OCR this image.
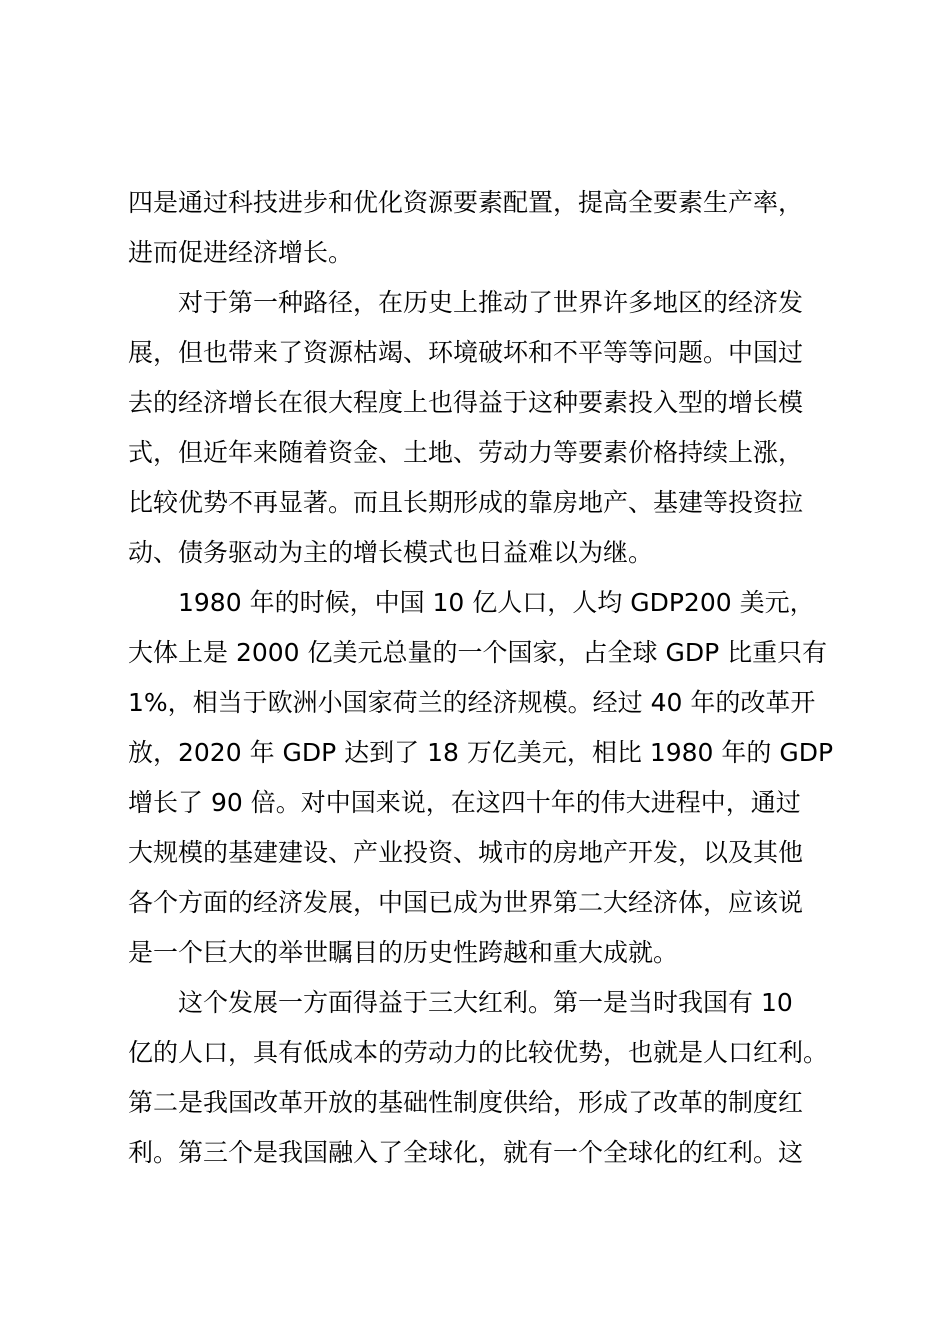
四是通过科技进步和优化资源要素配置，提高全要素生产率，
进而促进经济增长。

对于第一种路径，在历史上推动了世界许多地区的经济发
展，但也带来了资源枯竭、环境破坏和不平等等问题。中国过
去的经济增长在很大程度上也得益于这种要素投入型的增长模
式，但近年来随着资金、土地、劳动力等要素价格持续上涨，
比较优势不再显著。而且长期形成的靠房地产、基建等投资拉
动、债务驱动为主的增长模式也日益难以为继。

1980 年的时候，中国 10 亿人口，人均 GDP200 美元，
大体上是 2000 亿美元总量的一个国家，占全球 GDP 比重只有
1%，相当于欧洲小国家荷兰的经济规模。经过 40 年的改革开
放，2020 年 GDP 达到了 18 万亿美元，相比 1980 年的 GDP
增长了 90 倍。对中国来说，在这四十年的伟大进程中，通过
大规模的基建建设、产业投资、城市的房地产开发，以及其他
各个方面的经济发展，中国已成为世界第二大经济体，应该说
是一个巨大的举世瞩目的历史性跨越和重大成就。

这个发展一方面得益于三大红利。第一是当时我国有 10
亿的人口，具有低成本的劳动力的比较优势，也就是人口红利。
第二是我国改革开放的基础性制度供给，形成了改革的制度红
利。第三个是我国融入了全球化，就有一个全球化的红利。这
